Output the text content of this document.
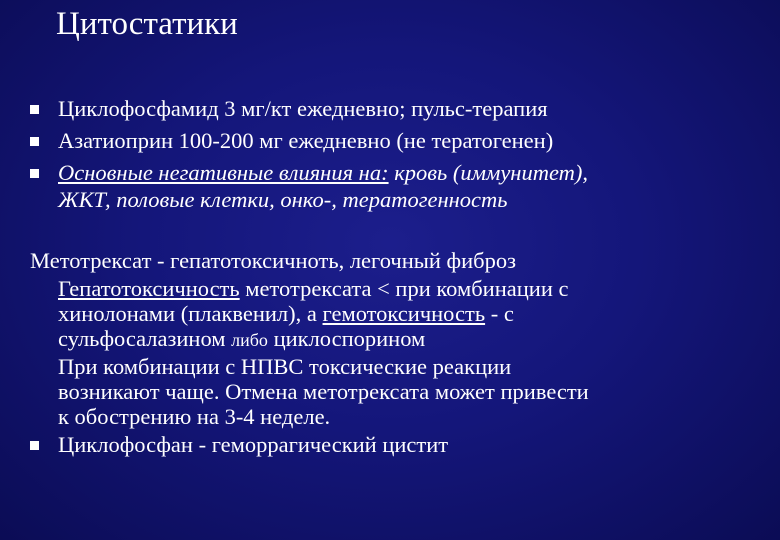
Цитостатики
Циклофосфамид 3 мг/кт ежедневно; пульс-терапия
Азатиоприн 100-200 мг ежедневно (не тератогенен)
Основные негативные влияния на: кровь (иммунитет),
ЖКТ, половые клетки, онко-, тератогенность
Метотрексат - гепатотоксичноть, легочный фиброз
Гепатотоксичность метотрексата < при комбинации с
хинолонами (плаквенил), а гемотоксичность - с
сульфосалазином либо циклоспорином
При комбинации с НПВС токсические реакции
возникают чаще. Отмена метотрексата может привести
к обострению на 3-4 неделе.
Циклофосфан - геморрагический цистит
